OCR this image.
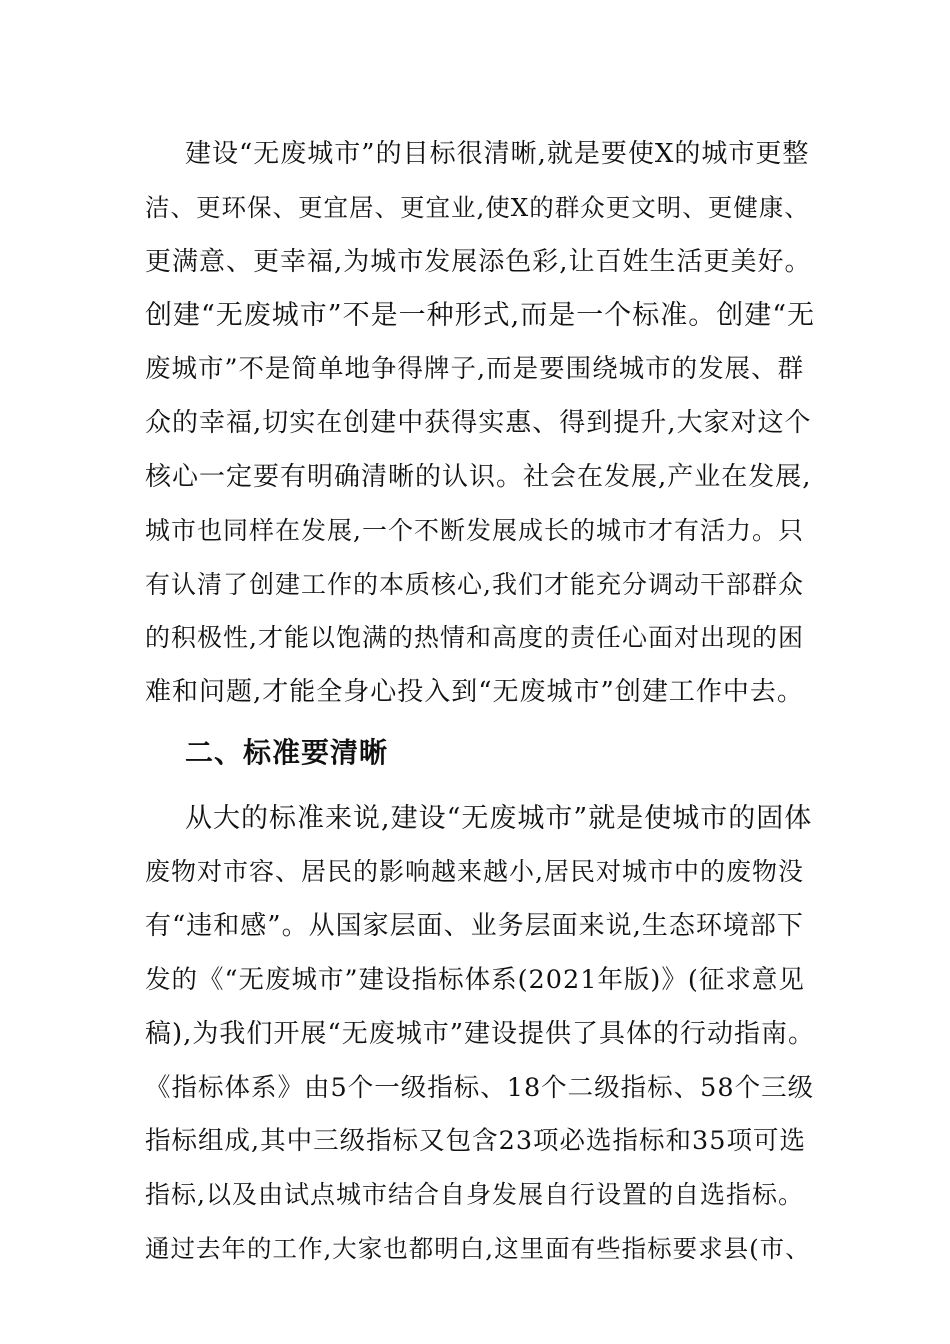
建设“无废城市”的目标很清晰,就是要使X的城市更整
洁、更环保、更宜居、更宜业,使X的群众更文明、更健康、
更满意、更幸福,为城市发展添色彩,让百姓生活更美好。
创建“无废城市”不是一种形式,而是一个标准。创建“无
废城市”不是简单地争得牌子,而是要围绕城市的发展、群
众的幸福,切实在创建中获得实惠、得到提升,大家对这个
核心一定要有明确清晰的认识。社会在发展,产业在发展,
城市也同样在发展,一个不断发展成长的城市才有活力。只
有认清了创建工作的本质核心,我们才能充分调动干部群众
的积极性,才能以饱满的热情和高度的责任心面对出现的困
难和问题,才能全身心投入到“无废城市”创建工作中去。
二、标准要清晰
从大的标准来说,建设“无废城市”就是使城市的固体
废物对市容、居民的影响越来越小,居民对城市中的废物没
有“违和感”。从国家层面、业务层面来说,生态环境部下
发的《“无废城市”建设指标体系(2021年版)》(征求意见
稿),为我们开展“无废城市”建设提供了具体的行动指南。
《指标体系》由5个一级指标、18个二级指标、58个三级
指标组成,其中三级指标又包含23项必选指标和35项可选
指标,以及由试点城市结合自身发展自行设置的自选指标。
通过去年的工作,大家也都明白,这里面有些指标要求县(市、
